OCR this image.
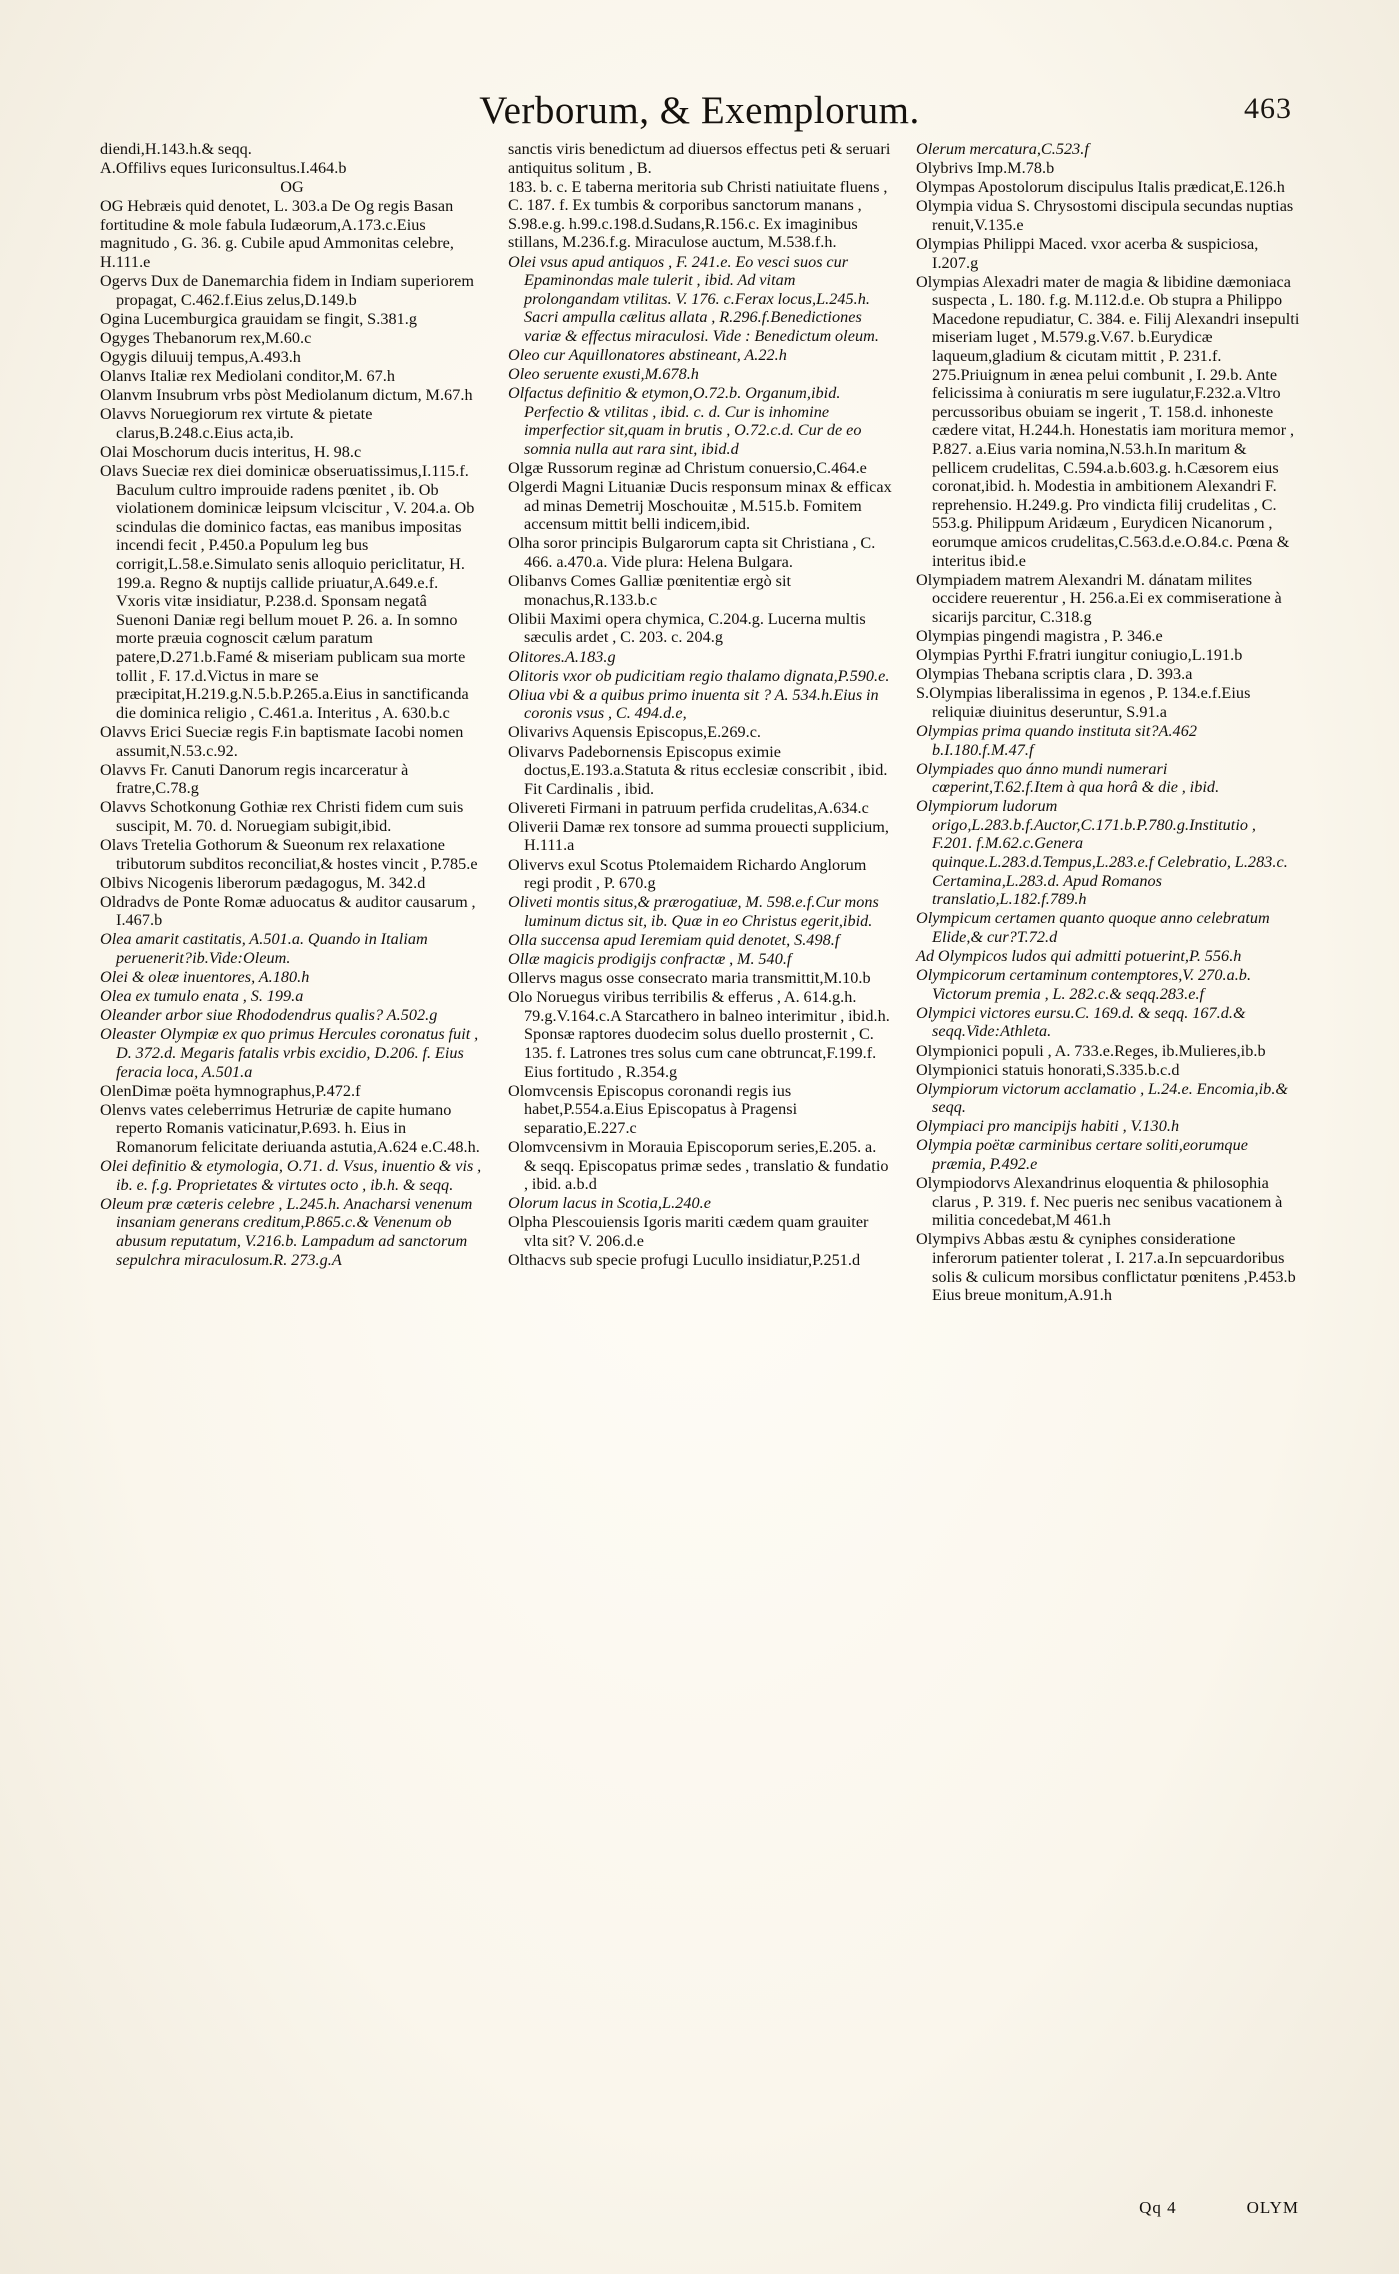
Verborum, & Exemplorum.	463

diendi,H.143.h.& seqq.

A.Offilivs eques Iuriconsultus.I.464.b

OG

OG Hebræis quid denotet, L. 303.a De Og regis Basan fortitudine & mole fabula Iudæorum,A.173.c.Eius magnitudo , G. 36. g. Cubile apud Ammonitas celebre, H.111.e

Ogervs Dux de Danemarchia fidem in Indiam superiorem propagat, C.462.f.Eius zelus,D.149.b

Ogina Lucemburgica grauidam se fingit, S.381.g

Ogyges Thebanorum rex,M.60.c

Ogygis diluuij tempus,A.493.h

Olanvs Italiæ rex Mediolani conditor,M. 67.h

Olanvm Insubrum vrbs pòst Mediolanum dictum, M.67.h

Olavvs Noruegiorum rex virtute & pietate clarus,B.248.c.Eius acta,ib.

Olai Moschorum ducis interitus, H. 98.c

Olavs Sueciæ rex diei dominicæ obseruatissimus,I.115.f. Baculum cultro improuide radens pœnitet , ib. Ob violationem dominicæ leipsum vlciscitur , V. 204.a. Ob scindulas die dominico factas, eas manibus impositas incendi fecit , P.450.a Populum leg bus corrigit,L.58.e.Simulato senis alloquio periclitatur, H. 199.a. Regno & nuptijs callide priuatur,A.649.e.f. Vxoris vitæ insidiatur, P.238.d. Sponsam negatâ Suenoni Daniæ regi bellum mouet P. 26. a. In somno morte præuia cognoscit cælum paratum patere,D.271.b.Famé & miseriam publicam sua morte tollit , F. 17.d.Victus in mare se præcipitat,H.219.g.N.5.b.P.265.a.Eius in sanctificanda die dominica religio , C.461.a. Interitus , A. 630.b.c

Olavvs Erici Sueciæ regis F.in baptismate Iacobi nomen assumit,N.53.c.92.

Olavvs Fr. Canuti Danorum regis incarceratur à fratre,C.78.g

Olavvs Schotkonung Gothiæ rex Christi fidem cum suis suscipit, M. 70. d. Noruegiam subigit,ibid.

Olavs Tretelia Gothorum & Sueonum rex relaxatione tributorum subditos reconciliat,& hostes vincit , P.785.e

Olbivs Nicogenis liberorum pædagogus, M. 342.d

Oldradvs de Ponte Romæ aduocatus & auditor causarum , I.467.b

Olea amarit castitatis, A.501.a. Quando in Italiam peruenerit?ib.Vide:Oleum.

Olei & oleæ inuentores, A.180.h

Olea ex tumulo enata , S. 199.a

Oleander arbor siue Rhododendrus qualis? A.502.g

Oleaster Olympiæ ex quo primus Hercules coronatus fuit , D. 372.d. Megaris fatalis vrbis excidio, D.206. f. Eius feracia loca, A.501.a

OlenDimæ poëta hymnographus,P.472.f

Olenvs vates celeberrimus Hetruriæ de capite humano reperto Romanis vaticinatur,P.693. h. Eius in Romanorum felicitate deriuanda astutia,A.624 e.C.48.h.

Olei definitio & etymologia, O.71. d. Vsus, inuentio & vis , ib. e. f.g. Proprietates & virtutes octo , ib.h. & seqq.

Oleum præ cæteris celebre , L.245.h. Anacharsi venenum insaniam generans creditum,P.865.c.& Venenum ob abusum reputatum, V.216.b. Lampadum ad sanctorum sepulchra miraculosum.R. 273.g.A

sanctis viris benedictum ad diuersos effectus peti & seruari antiquitus solitum , B.

183. b. c. E taberna meritoria sub Christi natiuitate fluens , C. 187. f. Ex tumbis & corporibus sanctorum manans , S.98.e.g. h.99.c.198.d.Sudans,R.156.c. Ex imaginibus stillans, M.236.f.g. Miraculose auctum, M.538.f.h.

Olei vsus apud antiquos , F. 241.e. Eo vesci suos cur Epaminondas male tulerit , ibid. Ad vitam prolongandam vtilitas. V. 176. c.Ferax locus,L.245.h. Sacri ampulla cælitus allata , R.296.f.Benedictiones variæ & effectus miraculosi. Vide : Benedictum oleum.

Oleo cur Aquillonatores abstineant, A.22.h

Oleo seruente exusti,M.678.h

Olfactus definitio & etymon,O.72.b. Organum,ibid. Perfectio & vtilitas , ibid. c. d. Cur is inhomine imperfectior sit,quam in brutis , O.72.c.d. Cur de eo somnia nulla aut rara sint, ibid.d

Olgæ Russorum reginæ ad Christum conuersio,C.464.e

Olgerdi Magni Lituaniæ Ducis responsum minax & efficax ad minas Demetrij Moschouitæ , M.515.b. Fomitem accensum mittit belli indicem,ibid.

Olha soror principis Bulgarorum capta sit Christiana , C. 466. a.470.a. Vide plura: Helena Bulgara.

Olibanvs Comes Galliæ pœnitentiæ ergò sit monachus,R.133.b.c

Olibii Maximi opera chymica, C.204.g. Lucerna multis sæculis ardet , C. 203. c. 204.g

Olitores.A.183.g

Olitoris vxor ob pudicitiam regio thalamo dignata,P.590.e.

Oliua vbi & a quibus primo inuenta sit ? A. 534.h.Eius in coronis vsus , C. 494.d.e,

Olivarivs Aquensis Episcopus,E.269.c.

Olivarvs Padebornensis Episcopus eximie doctus,E.193.a.Statuta & ritus ecclesiæ conscribit , ibid. Fit Cardinalis , ibid.

Olivereti Firmani in patruum perfida crudelitas,A.634.c

Oliverii Damæ rex tonsore ad summa prouecti supplicium, H.111.a

Olivervs exul Scotus Ptolemaidem Richardo Anglorum regi prodit , P. 670.g

Oliveti montis situs,& prærogatiuæ, M. 598.e.f.Cur mons luminum dictus sit, ib. Quæ in eo Christus egerit,ibid.

Olla succensa apud Ieremiam quid denotet, S.498.f

Ollæ magicis prodigijs confractæ , M. 540.f

Ollervs magus osse consecrato maria transmittit,M.10.b

Olo Noruegus viribus terribilis & efferus , A. 614.g.h. 79.g.V.164.c.A Starcathero in balneo interimitur , ibid.h. Sponsæ raptores duodecim solus duello prosternit , C. 135. f. Latrones tres solus cum cane obtruncat,F.199.f. Eius fortitudo , R.354.g

Olomvcensis Episcopus coronandi regis ius habet,P.554.a.Eius Episcopatus à Pragensi separatio,E.227.c

Olomvcensivm in Morauia Episcoporum series,E.205. a. & seqq. Episcopatus primæ sedes , translatio & fundatio , ibid. a.b.d

Olorum lacus in Scotia,L.240.e

Olpha Plescouiensis Igoris mariti cædem quam grauiter vlta sit? V. 206.d.e

Olthacvs sub specie profugi Lucullo insidiatur,P.251.d

Olerum mercatura,C.523.f

Olybrivs Imp.M.78.b

Olympas Apostolorum discipulus Italis prædicat,E.126.h

Olympia vidua S. Chrysostomi discipula secundas nuptias renuit,V.135.e

Olympias Philippi Maced. vxor acerba & suspiciosa, I.207.g

Olympias Alexadri mater de magia & libidine dæmoniaca suspecta , L. 180. f.g. M.112.d.e. Ob stupra a Philippo Macedone repudiatur, C. 384. e. Filij Alexandri insepulti miseriam luget , M.579.g.V.67. b.Eurydicæ laqueum,gladium & cicutam mittit , P. 231.f. 275.Priuignum in ænea pelui combunit , I. 29.b. Ante felicissima à coniuratis m sere iugulatur,F.232.a.Vltro percussoribus obuiam se ingerit , T. 158.d. inhoneste cædere vitat, H.244.h. Honestatis iam moritura memor , P.827. a.Eius varia nomina,N.53.h.In maritum & pellicem crudelitas, C.594.a.b.603.g. h.Cæsorem eius coronat,ibid. h. Modestia in ambitionem Alexandri F. reprehensio. H.249.g. Pro vindicta filij crudelitas , C. 553.g. Philippum Aridæum , Eurydicen Nicanorum , eorumque amicos crudelitas,C.563.d.e.O.84.c. Pœna & interitus ibid.e

Olympiadem matrem Alexandri M. dánatam milites occidere reuerentur , H. 256.a.Ei ex commiseratione à sicarijs parcitur, C.318.g

Olympias pingendi magistra , P. 346.e

Olympias Pyrthi F.fratri iungitur coniugio,L.191.b

Olympias Thebana scriptis clara , D. 393.a

S.Olympias liberalissima in egenos , P. 134.e.f.Eius reliquiæ diuinitus deseruntur, S.91.a

Olympias prima quando instituta sit?A.462 b.I.180.f.M.47.f

Olympiades quo ánno mundi numerari cœperint,T.62.f.Item à qua horâ & die , ibid.

Olympiorum ludorum origo,L.283.b.f.Auctor,C.171.b.P.780.g.Institutio , F.201. f.M.62.c.Genera quinque.L.283.d.Tempus,L.283.e.f Celebratio, L.283.c. Certamina,L.283.d. Apud Romanos translatio,L.182.f.789.h

Olympicum certamen quanto quoque anno celebratum Elide,& cur?T.72.d

Ad Olympicos ludos qui admitti potuerint,P. 556.h

Olympicorum certaminum contemptores,V. 270.a.b. Victorum premia , L. 282.c.& seqq.283.e.f

Olympici victores eursu.C. 169.d. & seqq. 167.d.& seqq.Vide:Athleta.

Olympionici populi , A. 733.e.Reges, ib.Mulieres,ib.b

Olympionici statuis honorati,S.335.b.c.d

Olympiorum victorum acclamatio , L.24.e. Encomia,ib.& seqq.

Olympiaci pro mancipijs habiti , V.130.h

Olympia poëtæ carminibus certare soliti,eorumque præmia, P.492.e

Olympiodorvs Alexandrinus eloquentia & philosophia clarus , P. 319. f. Nec pueris nec senibus vacationem à militia concedebat,M 461.h

Olympivs Abbas æstu & cyniphes consideratione inferorum patienter tolerat , I. 217.a.In sepcuardoribus solis & culicum morsibus conflictatur pœnitens ,P.453.b Eius breue monitum,A.91.h

Qq 4	OLYM
